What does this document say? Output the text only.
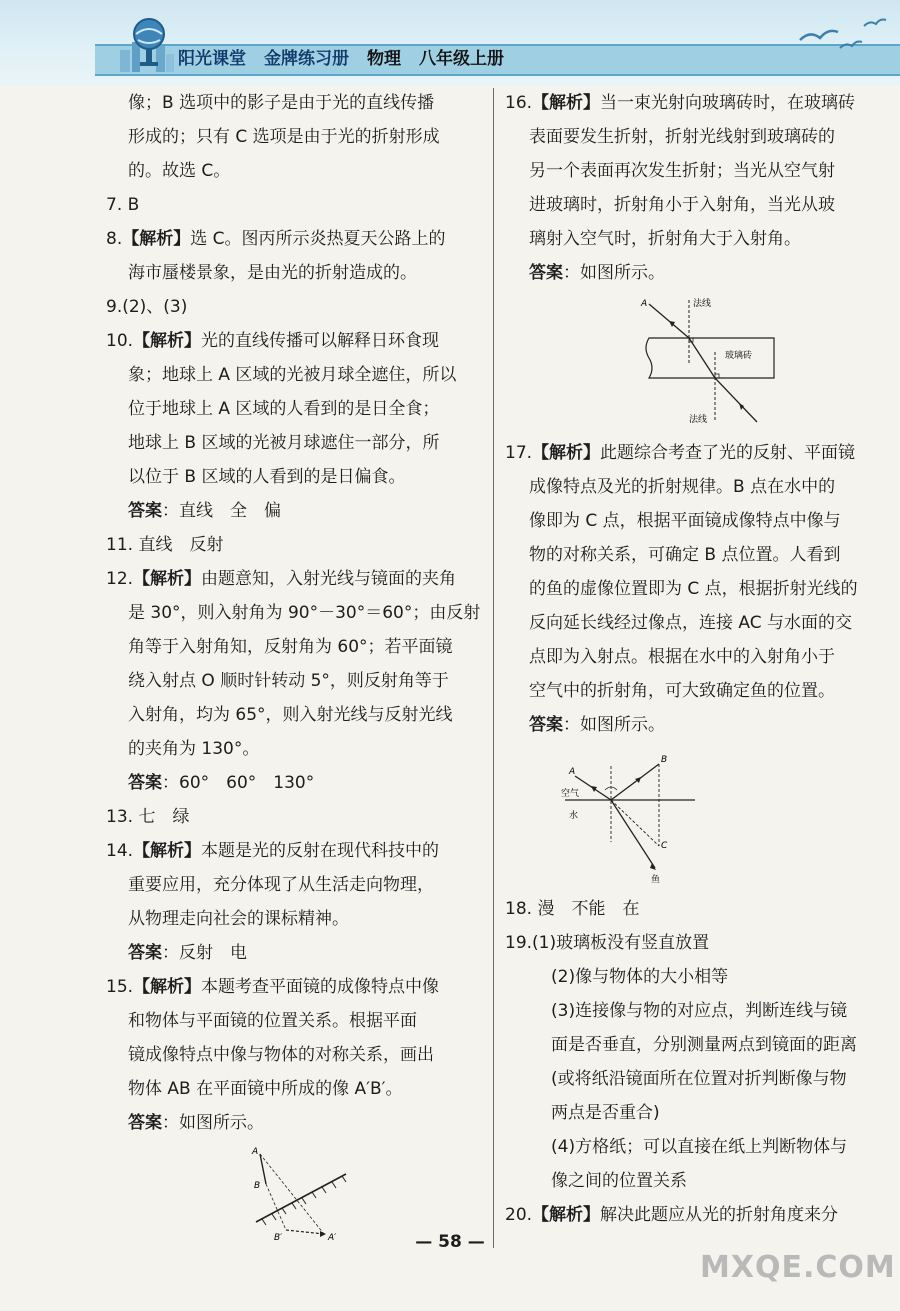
阳光课堂 金牌练习册 物理 八年级上册

像；B 选项中的影子是由于光的直线传播

形成的；只有 C 选项是由于光的折射形成

的。故选 C。

7. B

8.【解析】选 C。图丙所示炎热夏天公路上的

海市蜃楼景象，是由光的折射造成的。

9.(2)、(3)

10.【解析】光的直线传播可以解释日环食现

象；地球上 A 区域的光被月球全遮住，所以

位于地球上 A 区域的人看到的是日全食；

地球上 B 区域的光被月球遮住一部分，所

以位于 B 区域的人看到的是日偏食。

答案：直线　全　偏

11. 直线　反射

12.【解析】由题意知，入射光线与镜面的夹角

是 30°，则入射角为 90°－30°＝60°；由反射

角等于入射角知，反射角为 60°；若平面镜

绕入射点 O 顺时针转动 5°，则反射角等于

入射角，均为 65°，则入射光线与反射光线

的夹角为 130°。

答案：60°　60°　130°

13. 七　绿

14.【解析】本题是光的反射在现代科技中的

重要应用，充分体现了从生活走向物理，

从物理走向社会的课标精神。

答案：反射　电

15.【解析】本题考查平面镜的成像特点中像

和物体与平面镜的位置关系。根据平面

镜成像特点中像与物体的对称关系，画出

物体 AB 在平面镜中所成的像 A′B′。

答案：如图所示。

A
B
B′	A′

16.【解析】当一束光射向玻璃砖时，在玻璃砖

表面要发生折射，折射光线射到玻璃砖的

另一个表面再次发生折射；当光从空气射

进玻璃时，折射角小于入射角，当光从玻

璃射入空气时，折射角大于入射角。

答案：如图所示。

A	法线
玻璃砖
法线

17.【解析】此题综合考查了光的反射、平面镜

成像特点及光的折射规律。B 点在水中的

像即为 C 点，根据平面镜成像特点中像与

物的对称关系，可确定 B 点位置。人看到

的鱼的虚像位置即为 C 点，根据折射光线的

反向延长线经过像点，连接 AC 与水面的交

点即为入射点。根据在水中的入射角小于

空气中的折射角，可大致确定鱼的位置。

答案：如图所示。

A
B
C
空气
水
鱼

18. 漫　不能　在

19.(1)玻璃板没有竖直放置

(2)像与物体的大小相等

(3)连接像与物的对应点，判断连线与镜

面是否垂直，分别测量两点到镜面的距离

(或将纸沿镜面所在位置对折判断像与物

两点是否重合)

(4)方格纸；可以直接在纸上判断物体与

像之间的位置关系

20.【解析】解决此题应从光的折射角度来分

— 58 —
MXQE.COM
